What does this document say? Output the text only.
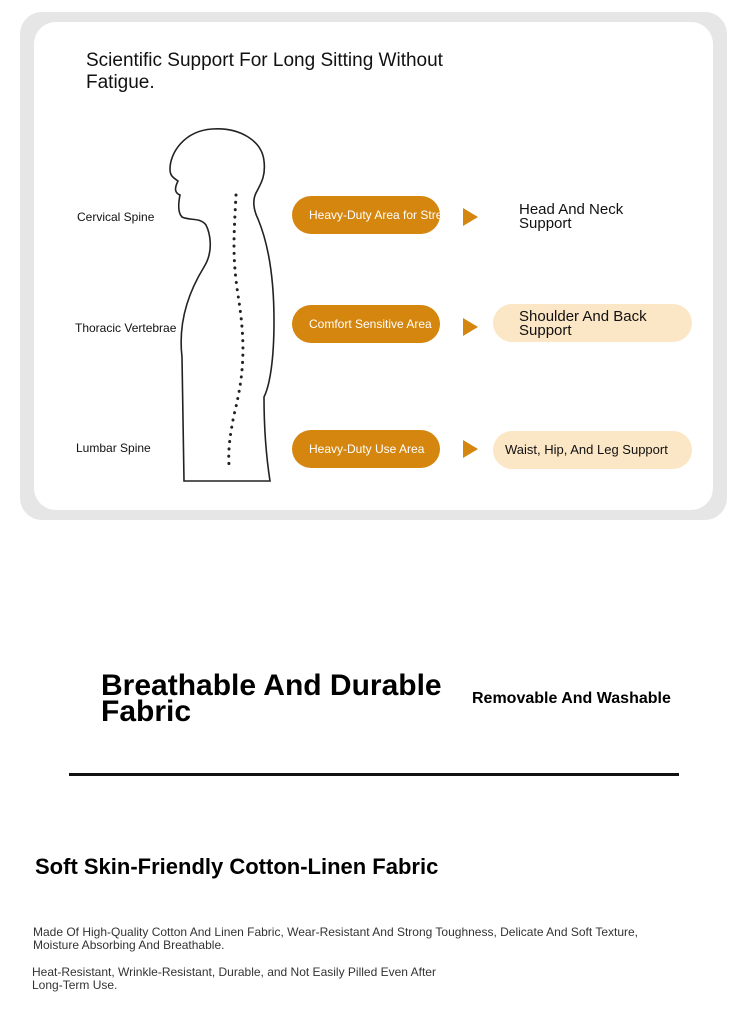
Scientific Support For Long Sitting Without Fatigue.
Cervical Spine
Thoracic Vertebrae
Lumbar Spine
Heavy-Duty Area for Stress Relief
Comfort Sensitive Area
Heavy-Duty Use Area
Head And Neck Support
Shoulder And Back Support
Waist, Hip, And Leg Support
Breathable And Durable Fabric	Removable And Washable
Soft Skin-Friendly Cotton-Linen Fabric
Made Of High-Quality Cotton And Linen Fabric, Wear-Resistant And Strong Toughness, Delicate And Soft Texture, Moisture Absorbing And Breathable.
Heat-Resistant, Wrinkle-Resistant, Durable, and Not Easily Pilled Even After Long-Term Use.
